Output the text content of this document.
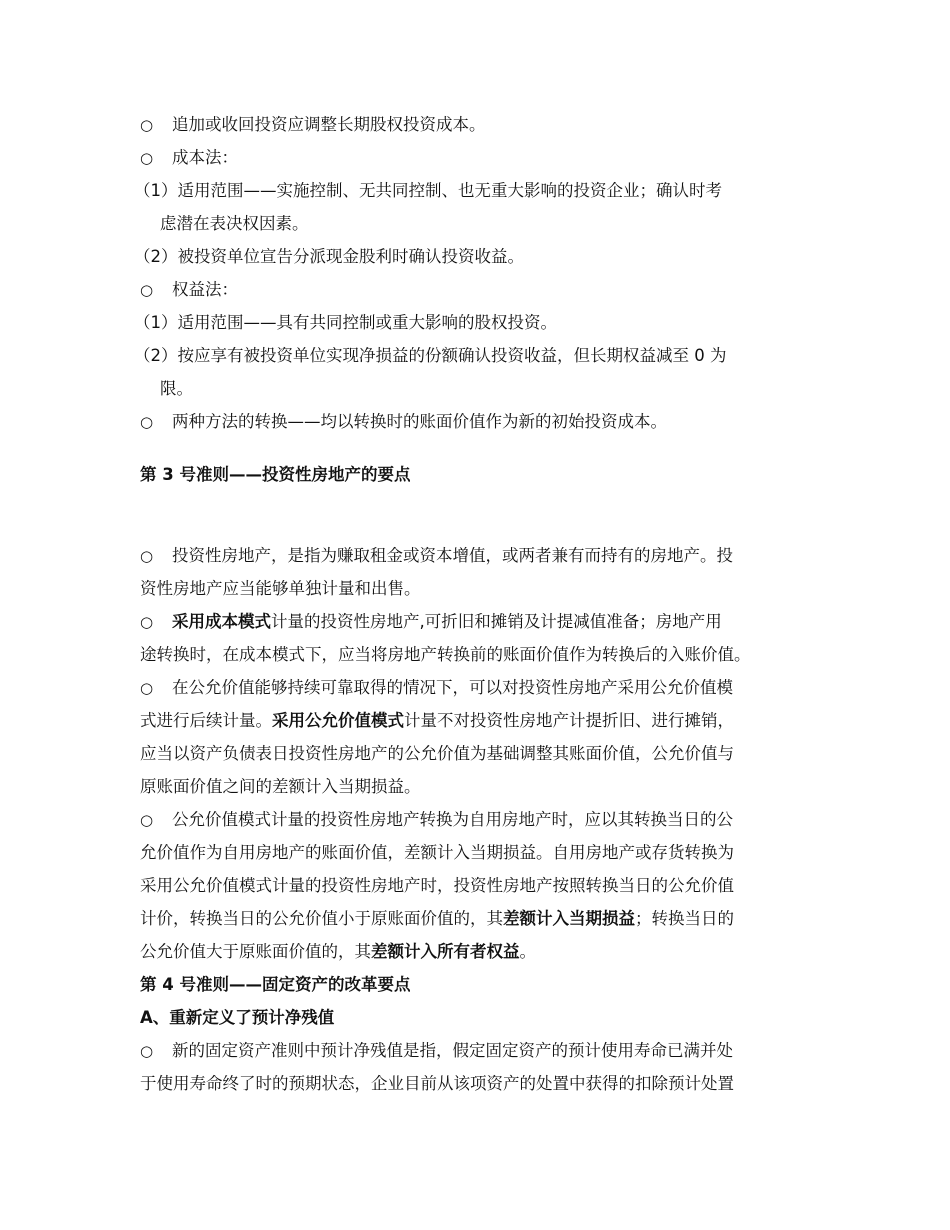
○追加或收回投资应调整长期股权投资成本。
○成本法：
（1）适用范围——实施控制、无共同控制、也无重大影响的投资企业；确认时考
虑潜在表决权因素。
（2）被投资单位宣告分派现金股利时确认投资收益。
○权益法：
（1）适用范围——具有共同控制或重大影响的股权投资。
（2）按应享有被投资单位实现净损益的份额确认投资收益，但长期权益减至 0 为
限。
○两种方法的转换——均以转换时的账面价值作为新的初始投资成本。
第 3 号准则——投资性房地产的要点
○投资性房地产，是指为赚取租金或资本增值，或两者兼有而持有的房地产。投
资性房地产应当能够单独计量和出售。
○采用成本模式计量的投资性房地产,可折旧和摊销及计提减值准备；房地产用
途转换时，在成本模式下，应当将房地产转换前的账面价值作为转换后的入账价值。
○在公允价值能够持续可靠取得的情况下，可以对投资性房地产采用公允价值模
式进行后续计量。采用公允价值模式计量不对投资性房地产计提折旧、进行摊销，
应当以资产负债表日投资性房地产的公允价值为基础调整其账面价值，公允价值与
原账面价值之间的差额计入当期损益。
○公允价值模式计量的投资性房地产转换为自用房地产时，应以其转换当日的公
允价值作为自用房地产的账面价值，差额计入当期损益。自用房地产或存货转换为
采用公允价值模式计量的投资性房地产时，投资性房地产按照转换当日的公允价值
计价，转换当日的公允价值小于原账面价值的，其差额计入当期损益；转换当日的
公允价值大于原账面价值的，其差额计入所有者权益。
第 4 号准则——固定资产的改革要点
A、重新定义了预计净残值
○新的固定资产准则中预计净残值是指，假定固定资产的预计使用寿命已满并处
于使用寿命终了时的预期状态，企业目前从该项资产的处置中获得的扣除预计处置
